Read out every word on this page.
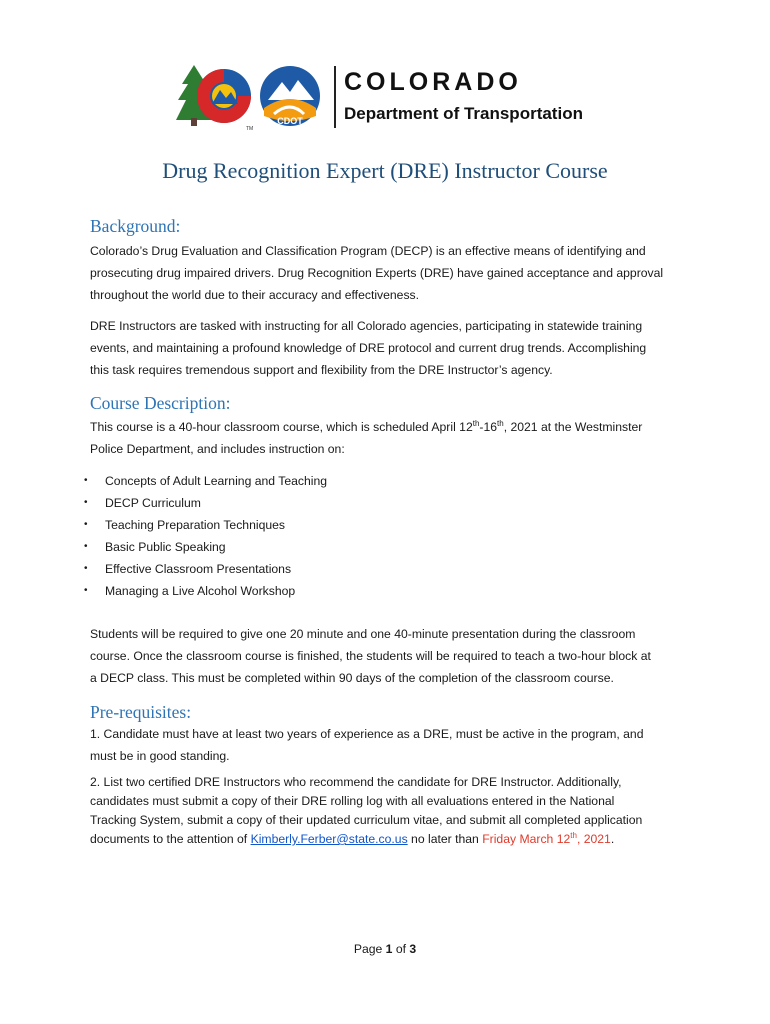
CDOT
TM
COLORADO
Department of Transportation
Drug Recognition Expert (DRE) Instructor Course
Background:

Colorado’s Drug Evaluation and Classification Program (DECP) is an effective means of identifying and
prosecuting drug impaired drivers. Drug Recognition Experts (DRE) have gained acceptance and approval
throughout the world due to their accuracy and effectiveness.

DRE Instructors are tasked with instructing for all Colorado agencies, participating in statewide training
events, and maintaining a profound knowledge of DRE protocol and current drug trends. Accomplishing
this task requires tremendous support and flexibility from the DRE Instructor’s agency.

Course Description:

This course is a 40-hour classroom course, which is scheduled April 12th-16th, 2021 at the Westminster
Police Department, and includes instruction on:

• Concepts of Adult Learning and Teaching
• DECP Curriculum
• Teaching Preparation Techniques
• Basic Public Speaking
• Effective Classroom Presentations
• Managing a Live Alcohol Workshop

Students will be required to give one 20 minute and one 40-minute presentation during the classroom
course. Once the classroom course is finished, the students will be required to teach a two-hour block at
a DECP class. This must be completed within 90 days of the completion of the classroom course.

Pre-requisites:

1. Candidate must have at least two years of experience as a DRE, must be active in the program, and
must be in good standing.

2. List two certified DRE Instructors who recommend the candidate for DRE Instructor. Additionally,
candidates must submit a copy of their DRE rolling log with all evaluations entered in the National
Tracking System, submit a copy of their updated curriculum vitae, and submit all completed application
documents to the attention of Kimberly.Ferber@state.co.us no later than Friday March 12th, 2021.

Page 1 of 3
